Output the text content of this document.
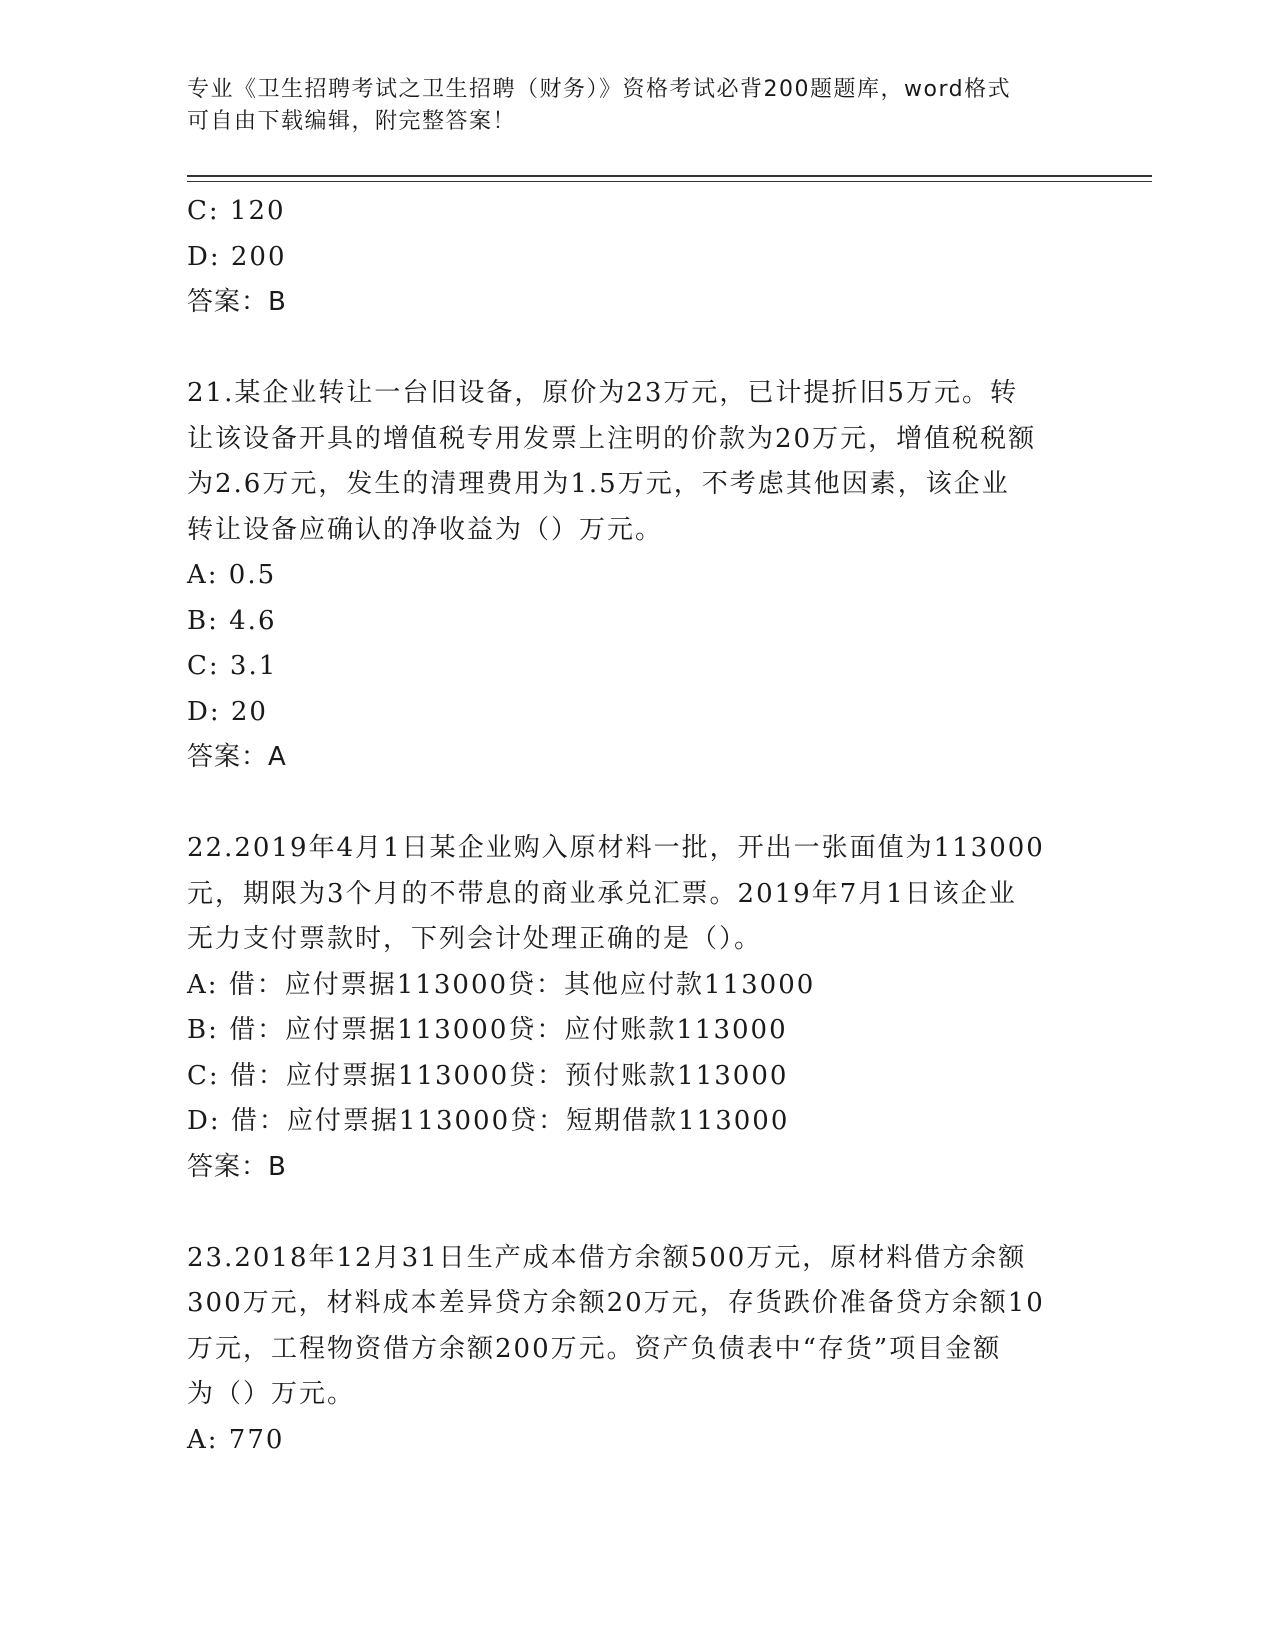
专业《卫生招聘考试之卫生招聘（财务）》资格考试必背200题题库，word格式
可自由下载编辑，附完整答案！
C: 120
D: 200
答案：B
21.某企业转让一台旧设备，原价为23万元，已计提折旧5万元。转
让该设备开具的增值税专用发票上注明的价款为20万元，增值税税额
为2.6万元，发生的清理费用为1.5万元，不考虑其他因素，该企业
转让设备应确认的净收益为（）万元。
A: 0.5
B: 4.6
C: 3.1
D: 20
答案：A
22.2019年4月1日某企业购入原材料一批，开出一张面值为113000
元，期限为3个月的不带息的商业承兑汇票。2019年7月1日该企业
无力支付票款时，下列会计处理正确的是（）。
A: 借：应付票据113000贷：其他应付款113000
B: 借：应付票据113000贷：应付账款113000
C: 借：应付票据113000贷：预付账款113000
D: 借：应付票据113000贷：短期借款113000
答案：B
23.2018年12月31日生产成本借方余额500万元，原材料借方余额
300万元，材料成本差异贷方余额20万元，存货跌价准备贷方余额10
万元，工程物资借方余额200万元。资产负债表中“存货”项目金额
为（）万元。
A: 770
